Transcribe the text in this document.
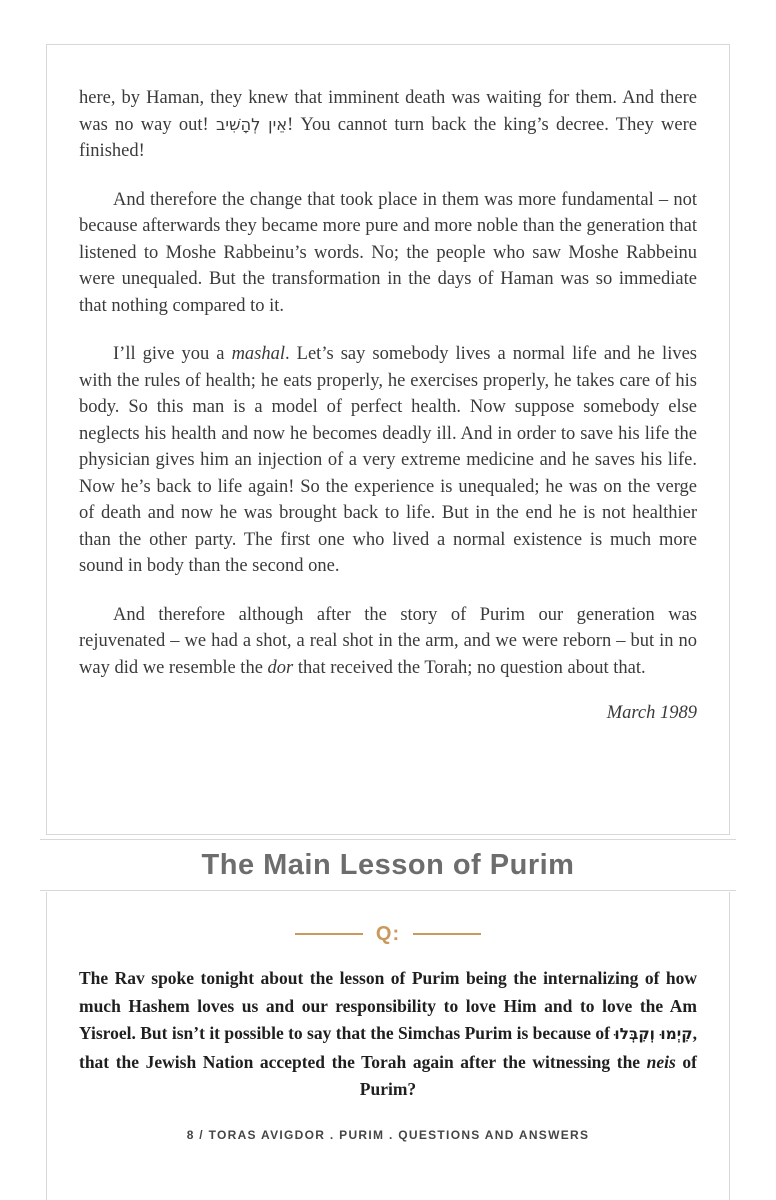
here, by Haman, they knew that imminent death was waiting for them. And there was no way out! אֵין לְהָשִׁיב! You cannot turn back the king’s decree. They were finished!

And therefore the change that took place in them was more fundamental – not because afterwards they became more pure and more noble than the generation that listened to Moshe Rabbeinu’s words. No; the people who saw Moshe Rabbeinu were unequaled. But the transformation in the days of Haman was so immediate that nothing compared to it.

I’ll give you a mashal. Let’s say somebody lives a normal life and he lives with the rules of health; he eats properly, he exercises properly, he takes care of his body. So this man is a model of perfect health. Now suppose somebody else neglects his health and now he becomes deadly ill. And in order to save his life the physician gives him an injection of a very extreme medicine and he saves his life. Now he’s back to life again! So the experience is unequaled; he was on the verge of death and now he was brought back to life. But in the end he is not healthier than the other party. The first one who lived a normal existence is much more sound in body than the second one.

And therefore although after the story of Purim our generation was rejuvenated – we had a shot, a real shot in the arm, and we were reborn – but in no way did we resemble the dor that received the Torah; no question about that.

March 1989
The Main Lesson of Purim
Q:

The Rav spoke tonight about the lesson of Purim being the internalizing of how much Hashem loves us and our responsibility to love Him and to love the Am Yisroel. But isn’t it possible to say that the Simchas Purim is because of קִיְמוּ וְקִבְּלוּ, that the Jewish Nation accepted the Torah again after the witnessing the neis of Purim?

8 / TORAS AVIGDOR . PURIM . QUESTIONS AND ANSWERS
